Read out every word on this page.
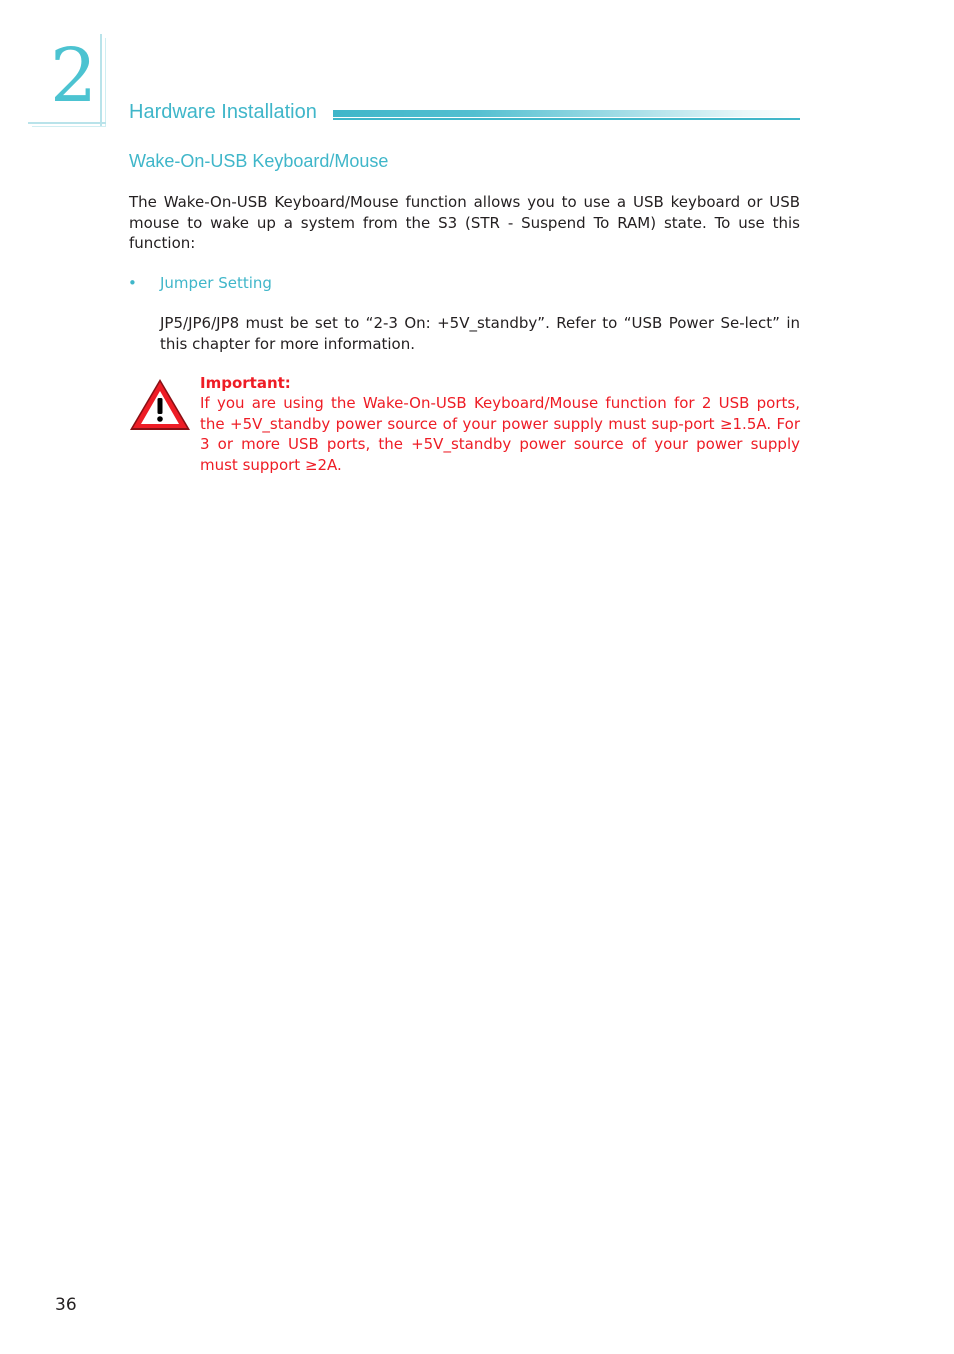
2 Hardware Installation
Wake-On-USB Keyboard/Mouse

The Wake-On-USB Keyboard/Mouse function allows you to use a USB keyboard or USB mouse to wake up a system from the S3 (STR - Suspend To RAM) state. To use this function:

• Jumper Setting

JP5/JP6/JP8 must be set to “2-3 On: +5V_standby”. Refer to “USB Power Se-lect” in this chapter for more information.

Important:

If you are using the Wake-On-USB Keyboard/Mouse function for 2 USB ports, the +5V_standby power source of your power supply must sup-port ≥1.5A. For 3 or more USB ports, the +5V_standby power source of your power supply must support ≥2A.

36
